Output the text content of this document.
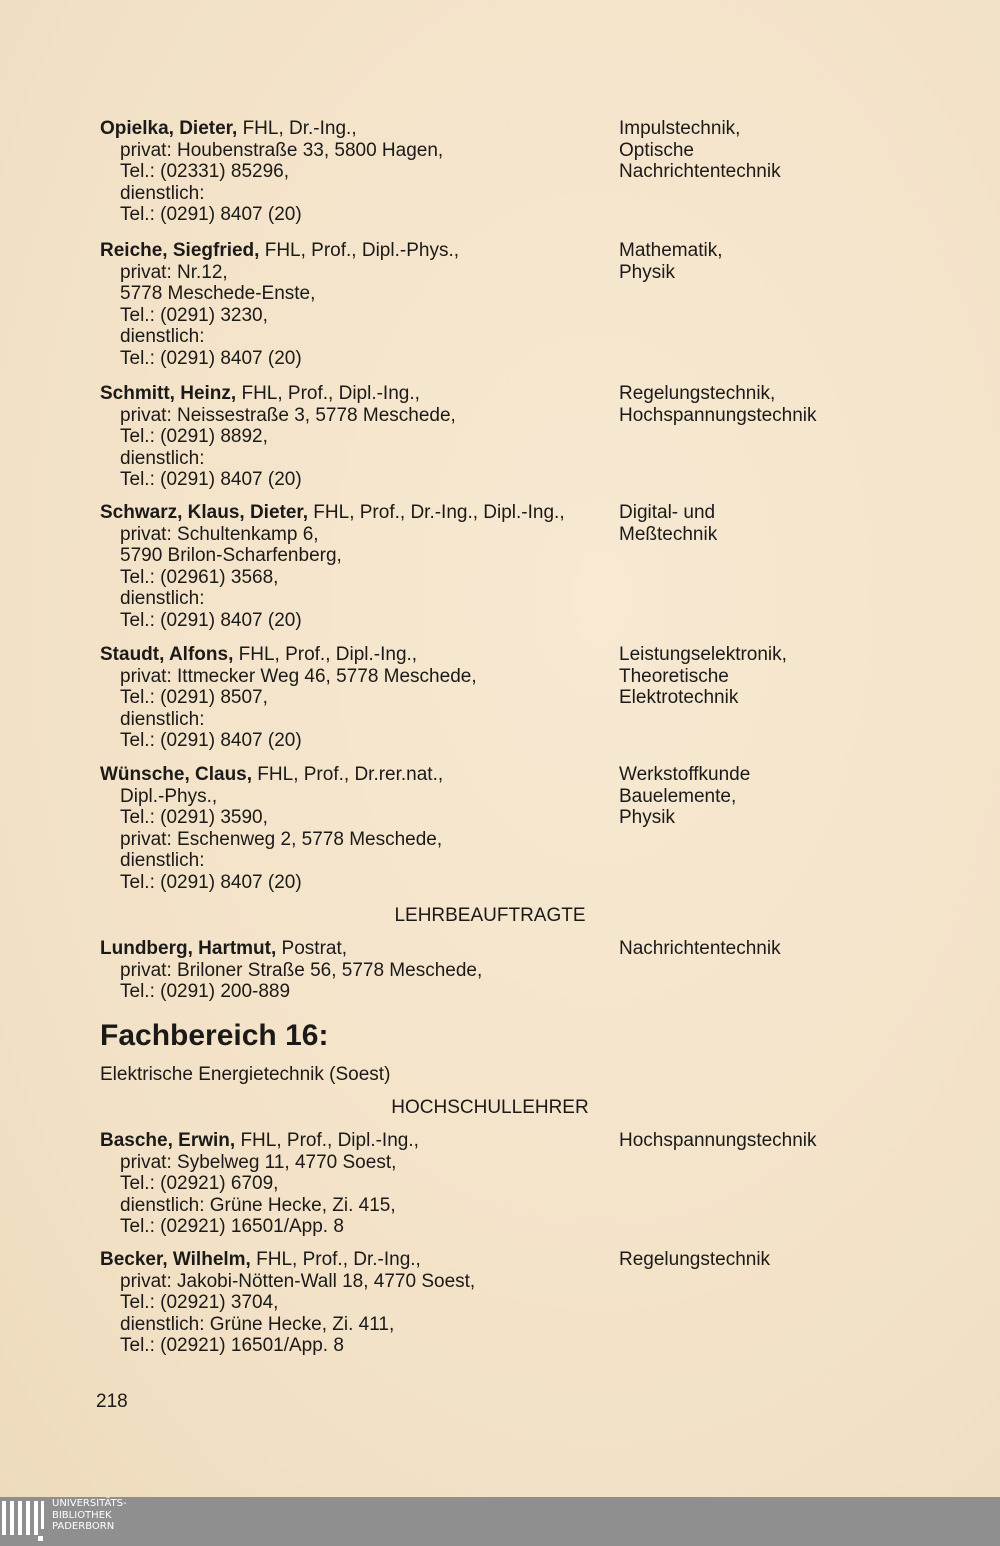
Opielka, Dieter, FHL, Dr.-Ing.,
privat: Houbenstraße 33, 5800 Hagen,
Tel.: (02331) 85296,
dienstlich:
Tel.: (0291) 8407 (20)
Impulstechnik,
Optische
Nachrichtentechnik
Reiche, Siegfried, FHL, Prof., Dipl.-Phys.,
privat: Nr.12,
5778 Meschede-Enste,
Tel.: (0291) 3230,
dienstlich:
Tel.: (0291) 8407 (20)
Mathematik,
Physik
Schmitt, Heinz, FHL, Prof., Dipl.-Ing.,
privat: Neissestraße 3, 5778 Meschede,
Tel.: (0291) 8892,
dienstlich:
Tel.: (0291) 8407 (20)
Regelungstechnik,
Hochspannungstechnik
Schwarz, Klaus, Dieter, FHL, Prof., Dr.-Ing., Dipl.-Ing.,
privat: Schultenkamp 6,
5790 Brilon-Scharfenberg,
Tel.: (02961) 3568,
dienstlich:
Tel.: (0291) 8407 (20)
Digital- und
Meßtechnik
Staudt, Alfons, FHL, Prof., Dipl.-Ing.,
privat: Ittmecker Weg 46, 5778 Meschede,
Tel.: (0291) 8507,
dienstlich:
Tel.: (0291) 8407 (20)
Leistungselektronik,
Theoretische
Elektrotechnik
Wünsche, Claus, FHL, Prof., Dr.rer.nat.,
Dipl.-Phys.,
Tel.: (0291) 3590,
privat: Eschenweg 2, 5778 Meschede,
dienstlich:
Tel.: (0291) 8407 (20)
Werkstoffkunde
Bauelemente,
Physik
LEHRBEAUFTRAGTE
Lundberg, Hartmut, Postrat,
privat: Briloner Straße 56, 5778 Meschede,
Tel.: (0291) 200-889
Nachrichtentechnik
Fachbereich 16:
Elektrische Energietechnik (Soest)
HOCHSCHULLEHRER
Basche, Erwin, FHL, Prof., Dipl.-Ing.,
privat: Sybelweg 11, 4770 Soest,
Tel.: (02921) 6709,
dienstlich: Grüne Hecke, Zi. 415,
Tel.: (02921) 16501/App. 8
Hochspannungstechnik
Becker, Wilhelm, FHL, Prof., Dr.-Ing.,
privat: Jakobi-Nötten-Wall 18, 4770 Soest,
Tel.: (02921) 3704,
dienstlich: Grüne Hecke, Zi. 411,
Tel.: (02921) 16501/App. 8
Regelungstechnik
218
UNIVERSITÄTS-
BIBLIOTHEK
PADERBORN
